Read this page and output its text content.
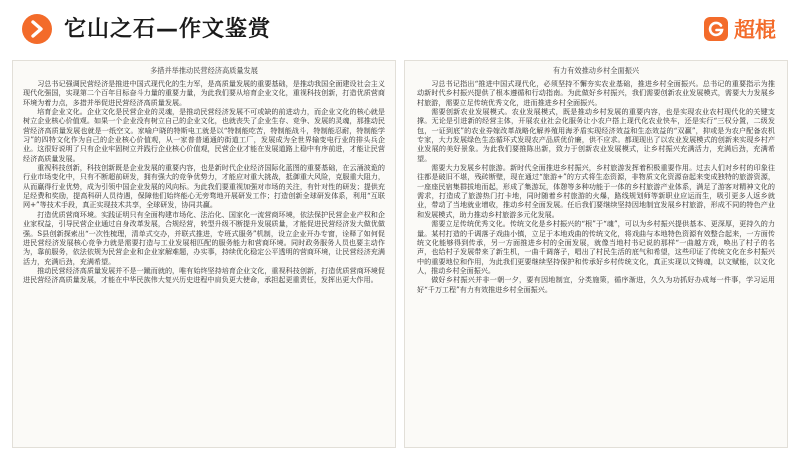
它山之石—作文鉴赏	超棍
多措并举推动民营经济高质量发展

习总书记强调民营经济是推进中国式现代化的生力军，是高质量发展的重要基础，是推动我国全面建设社会主义现代化强国，实现第二个百年目标奋斗力量的重要力量，为此我们要从培育企业文化，重视科技创新，打造优质营商环境为着力点，多措并举促进民营经济高质量发展。

培育企业文化。企业文化是民营企业的灵魂，是推动民营经济发展不可或缺的前进动力，而企业文化的核心就是树立企业核心价值观。如果一个企业没有树立自己的企业文化，也就丧失了企业生存、竞争、发展的灵魂，那推动民营经济高质量发展也就是一纸空文。家喻户晓的特斯电工就是以“特制能吃苦，特制能战斗，特制能忍耐，特制能学习”的四特文化作为自己的企业核心价值观，从一家普普通通的街道工厂，发展成为全世界输变电行业的排头兵企业。这很好说明了只有企业牢固树立并践行企业核心价值观，民营企业才能在发展道路上稳中有序前进，才能让民营经济高质量发展。

重视科技创新，科技创新既是企业发展的重要内容，也是新时代企业经济国际化蓝图的重要基础，在云涌波诡的行业市场变化中，只有不断超前研发，拥有强大的竞争优势力，才能应对重大挑战，抵御重大风险，克服重大阻力，从而赢得行业优势，成为引领中国企业发展的风向标。为此我们要重视加强对市场的关注，有针对性的研发；提供充足经费和奖励，提高科研人员待遇，保障他们始终能心无旁骛地开展研发工作；打造创新全球研发体系，利用“互联网+”等技术手段，真正实现技术共享，全球研发，协同共赢。

打造优质营商环境。实践证明只有全面构建市场化、法治化、国家化一流营商环境，依法保护民营企业产权和企业家权益，引导民营企业通过自身改革发展，合规经营，转型升级不断提升发展质量，才能促进民营经济发大做优做强。S县创新探索出“一次性梳理，清单式交办，并联式推进，专班式服务”机制，设立企业开办专窗，诠释了如何促进民营经济发展核心竞争力就是需要打造与工业发展相匹配的服务能力和营商环境。同时政务服务人员也要主动作为，靠前服务，依法依规为民营企业和企业家解难题，办实事，持续优化稳定公平透明的营商环境，让民营经济充满活力，充满后劲，充满希望。

推动民营经济高质量发展并不是一蹴而就的，唯有始终坚持培育企业文化，重视科技创新，打造优质营商环境促进民营经济高质量发展，才能在中华民族伟大复兴历史进程中肩负更大使命，承担起更重责任，发挥出更大作用。

有力有效推动乡村全面振兴

习总书记指出“推进中国式现代化，必须坚持不懈夯实农业基础，推进乡村全面振兴。总书记的重要指示为推动新时代乡村振兴提供了根本遵循和行动指南。为此做好乡村振兴，我们需要创新农业发展模式，需要大力发展乡村旅游，需要立足传统优秀文化，进而推进乡村全面振兴。

需要创新农业发展模式。农业发展模式，既是推动乡村发展的重要内容，也是实现农业农村现代化的关键支撑。无论是引进新的经营主体，开展农业社会化服务让小农户搭上现代化农业快车，还是实行“三权分置，二级发包，一证到底”的农业券嫁改革战略化解养殖用海矛盾实现经济效益和生态效益的“双赢”，抑或是为农户配备农机专家，大力发展绿色生态循环式发现农产品质优价廉，供不应求。都现现出了以农业发展模式的创新来实现乡村产业发展的美好景象。为此我们要推陈出新，致力于创新农业发展模式，让乡村振兴充满活力，充满后劲，充满希望。

需要大力发展乡村旅游。新时代全面推进乡村振兴，乡村旅游发挥着积极重要作用。过去人们对乡村的印象往往都是破旧不堪，残砖断壁，现在通过“旅游+”的方式将生态资源，非物质文化资源奋起来变成独特的旅游资源，一座座民宿集群拔地而起，形成了集游玩，体憩等多种功能于一体的乡村旅游产业体系，满足了游客对精神文化的需求，打造成了旅游热门打卡地，同时随着乡村旅游的火爆，路线规划师等新职业应运而生，吸引更多人返乡就业，带动了当地就业增收，推动乡村全面发展。任后我们要继续坚持因地制宜发展乡村旅游，形成不同的特色产业和发展模式，助力推动乡村旅游多元化发展。

需要立足传统优秀文化。传统文化是乡村振兴的“根”于“魂”，可以为乡村振兴提供基本、更深厚，更持久的力量。某村打造的千调落子戏曲小镇，立足于本地戏曲的传统文化，将戏曲与本地特色资源有效整合起来，一方面传统文化能够得到传承，另一方面推进乡村的全面发展，就像当地村书记说的那样“一曲越方戏，唤出了村子的名声，也给村子发展带来了新生机，一曲千调落子，唱出了村民生活的底气和希望，这些印证了传统文化在乡村振兴中的重要地位和作用，为此我们更要继续坚持保护和传承好乡村传统文化，真正实现以文铸魂，以文赋能，以文化人，推动乡村全面振兴。

做好乡村振兴并非一朝一夕，要有因地制宜，分类施策，循序渐进，久久为功抓好办成每一件事，学习运用好“千万工程”有力有效推进乡村全面振兴。
